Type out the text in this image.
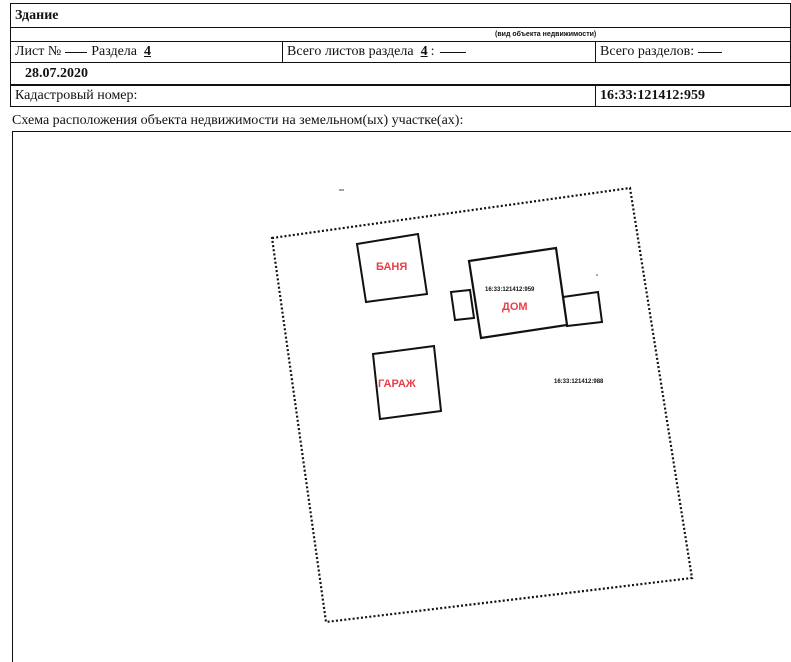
Здание
(вид объекта недвижимости)
Лист № Раздела 4	Всего листов раздела 4 :	Всего разделов:
28.07.2020
Кадастровый номер:	16:33:121412:959
Схема расположения объекта недвижимости на земельном(ых) участке(ах):
БАНЯ
16:33:121412:959
ДОМ
ГАРАЖ	16:33:121412:988
